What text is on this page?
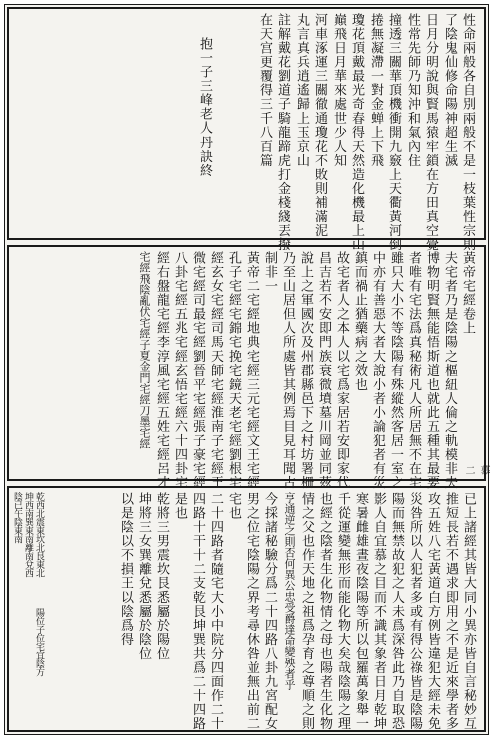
性命兩般各自別兩般不是一枝葉性宗則
了陰鬼仙修命陽神超生滅
日月分明說與賢馬猿牢鎖在方田真空覺
性常先師乃知沖和氣內住
撞透三關華頂機衝開九竅上天衢黃河倒
捲無凝滯一對金蝉上下飛
瓊花頂戴最光奇春得天然造化機最上山
巔飛日月華來處世少人知
河車涿運三關徹通瓊花不敗則補滿泥
丸言真兵逍遙歸上玉京山
註解戴花劉道子騎龍蹄虎打金棧綫丟撥
在天宫更覆得三千八百篇
抱一子三峰老人丹訣終
黃帝宅經卷上
夫宅者乃是陰陽之樞紐人倫之軌模非夫
博物明賢無能悟斯道也就此五種其最要
者唯有宅法爲真秘術凡人所居無不在宅
雖只大小不等陰陽有殊縱然客居一室之
中亦有善惡大者大說小者小論犯者有災
鎮而禍止猶藥病之效也
故宅者人之本人以宅爲家居若安即家代
昌吉若不安即門族衰微墳墓川岡並同茲
說上之軍國次及州郡縣邑下之村坊署柵
乃至山居但人所處皆其例焉目見耳聞古
制非一
黃帝二宅經地典宅經三元宅經文王宅經
孔子宅經宅錦宅挽宅鏡天老宅經劉根宅
經玄女宅經司馬天師宅經淮南子宅經王
微宅經司最宅經劉晉平宅經張子豪宅經
八卦宅經五兆宅經玄悟宅經六十四卦宅
經右盤龍宅經李淳風宅經五姓宅經呂才
宅經飛陰亂伏宅經子夏金門宅經刀墨宅經
慕二
已上諸經其皆大同小異亦皆自言秘妙互
推短長若不遇求即用之不是近來學者多
攻五姓八宅黃道白方例皆違犯大經未免
災咎所以人犯者多或有得公祿皆是陰陽
陽而無禁故犯之人未爲深咎此乃自取恐
影人自宜慕之目而不識其象者日月乾坤
寒暑雌雄晝夜陰陽等所以包羅萬象舉一
千從運變無形而能化物大矣哉陰陽之理
也經之陰者生化物情之母也陽者生化物
情之父也作天地之祖爲孕育之尊順之則
亨通逆之則否何異公忠受爵達命變殃者乎
今採諸秘驗分爲二十四路八卦九宮配女
男之位宅陰陽之界考尋休咎並無出前二
宅也
二十四路者隨宅大小中院分四面作二十
四路十干十二支乾艮坤巽共爲二十四路
是也
乾將三男震坎艮悉屬於陽位
坤將三女巽離兌悉屬於陰位
以是陰以不損王以陰爲得
乾西北震東坎北艮東北
坤西南巽東南離南兌西
陰已午陰東南
陽位子位宅宜陰方
